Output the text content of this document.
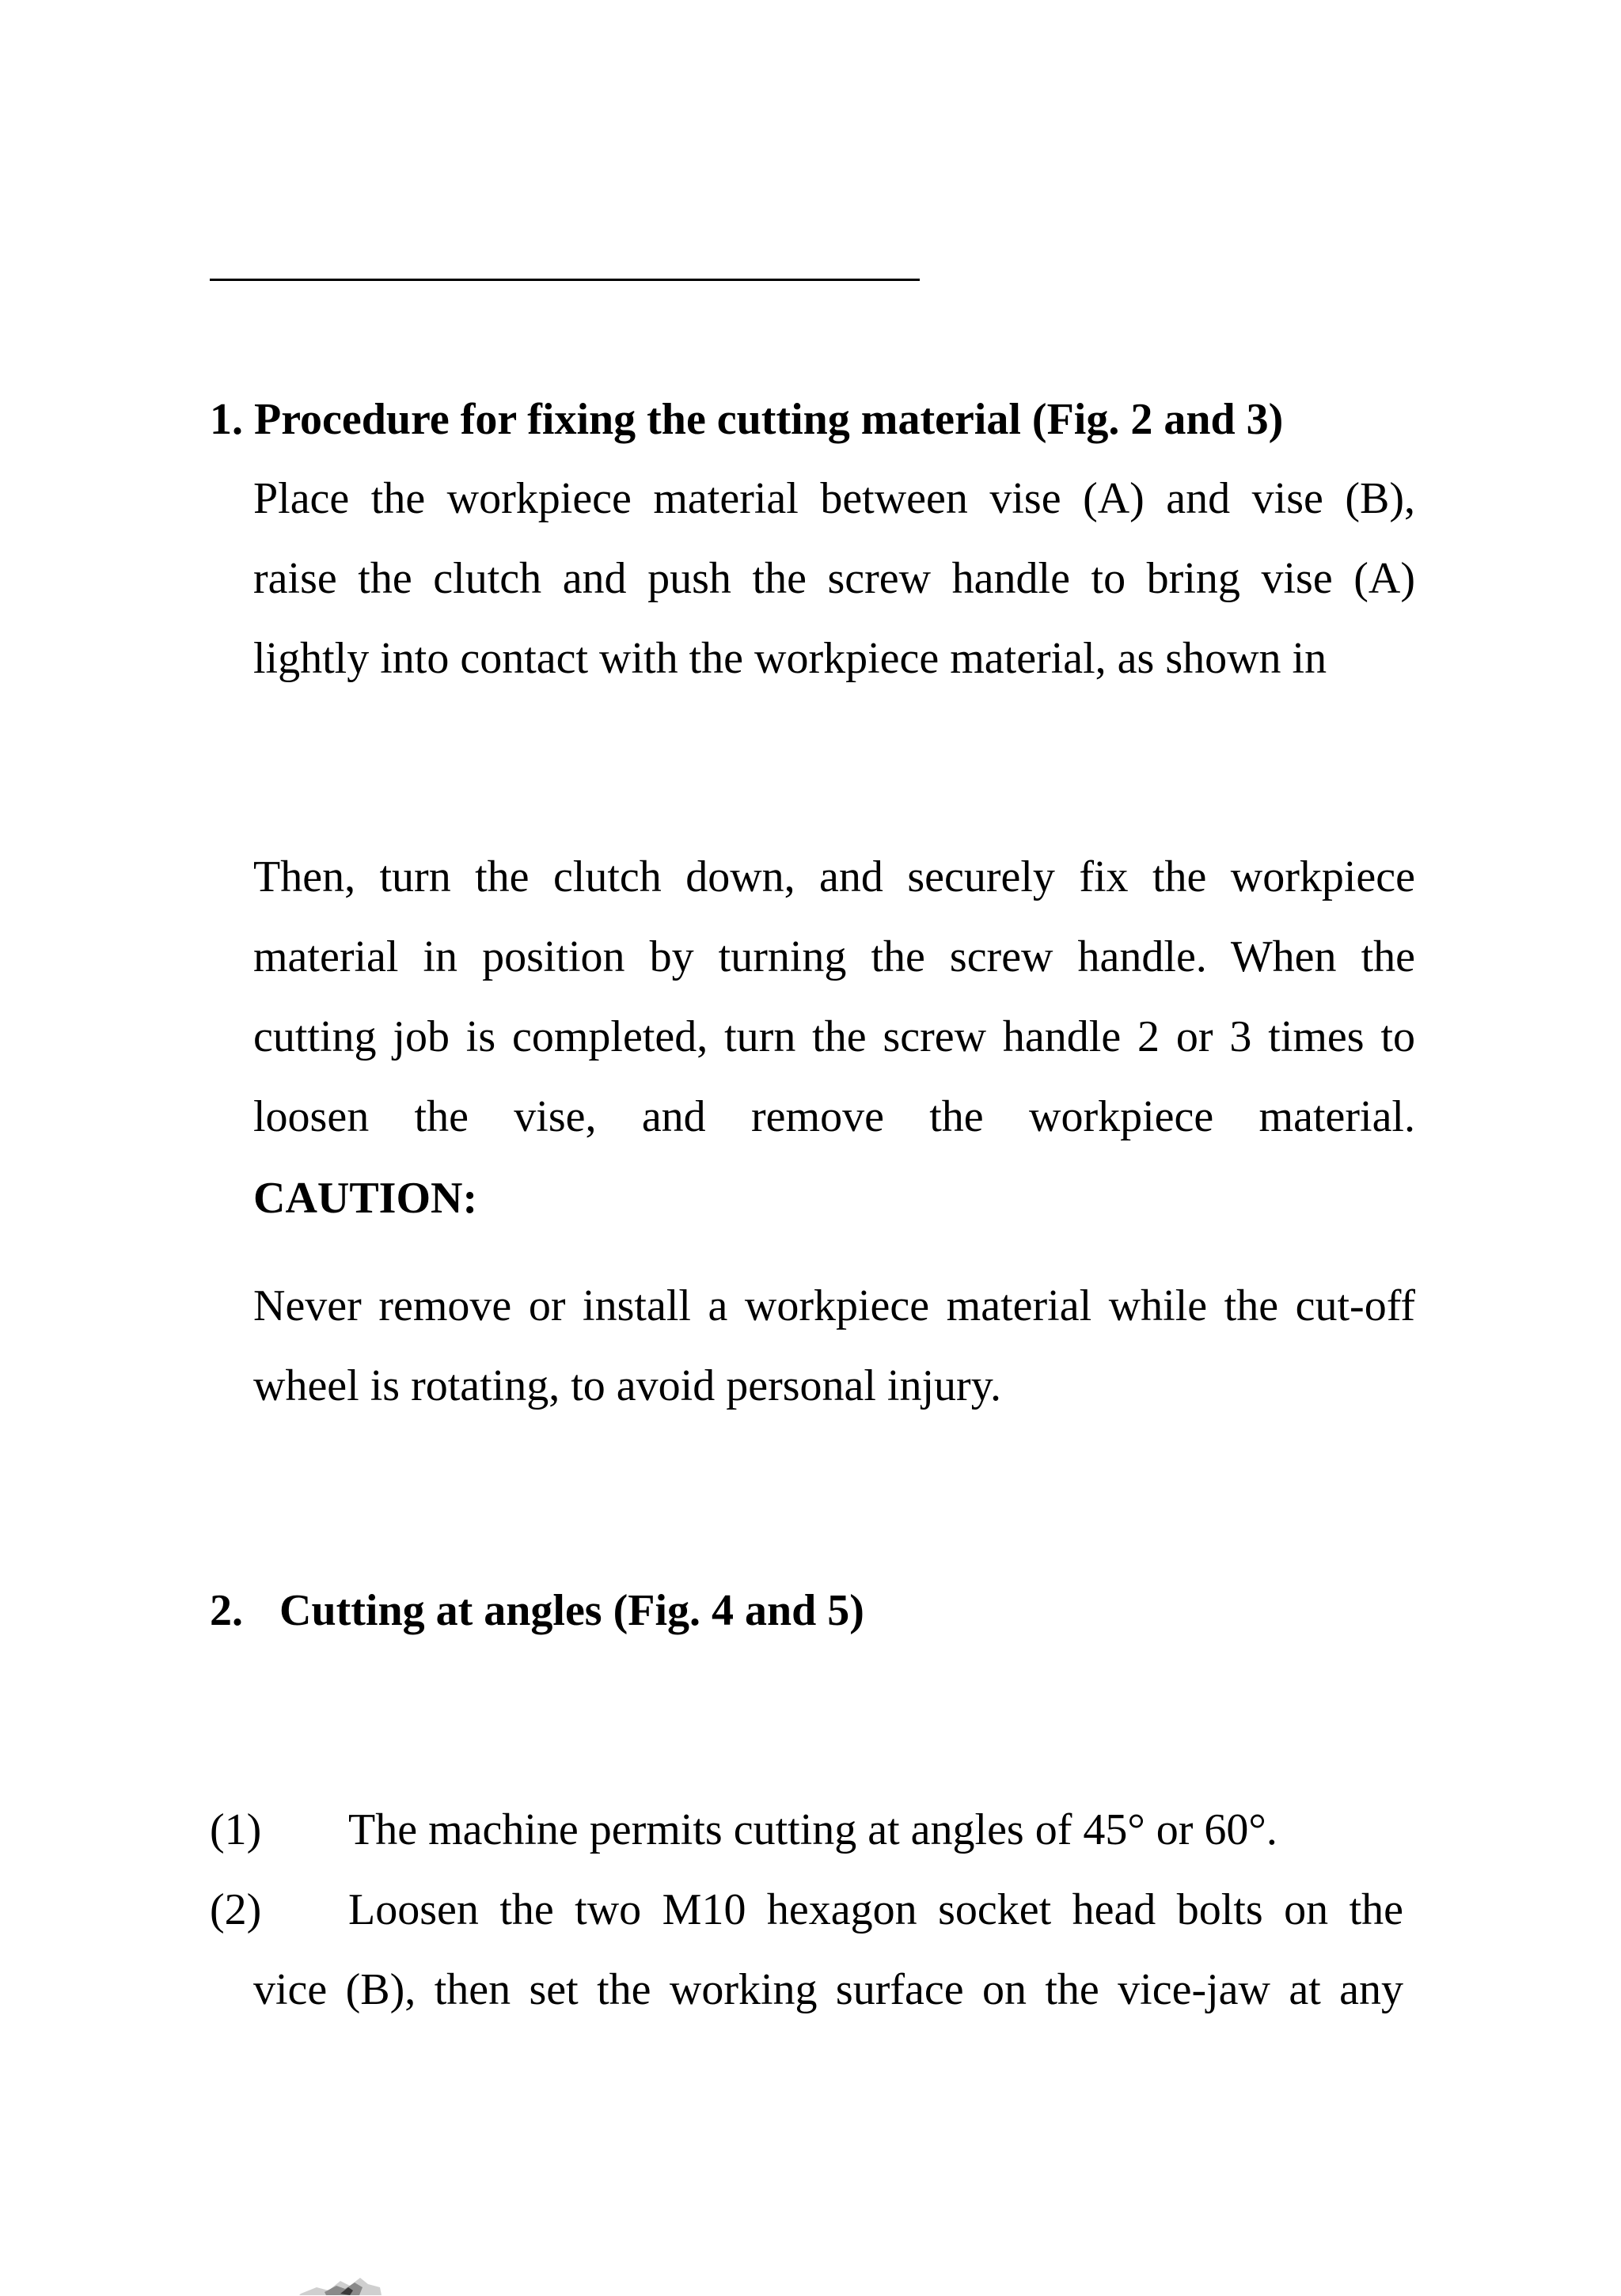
1. Procedure for fixing the cutting material (Fig. 2 and 3)
Place the workpiece material between vise (A) and vise (B),
raise the clutch and push the screw handle to bring vise (A)
lightly into contact with the workpiece material, as shown in
Then, turn the clutch down, and securely fix the workpiece
material in position by turning the screw handle. When the
cutting job is completed, turn the screw handle 2 or 3 times to
loosen the vise, and remove the workpiece material.
CAUTION:
Never remove or install a workpiece material while the cut-off
wheel is rotating, to avoid personal injury.
2. Cutting at angles (Fig. 4 and 5)
(1)	The machine permits cutting at angles of 45° or 60°.
(2)	Loosen the two M10 hexagon socket head bolts on the
vice (B), then set the working surface on the vice-jaw at any
